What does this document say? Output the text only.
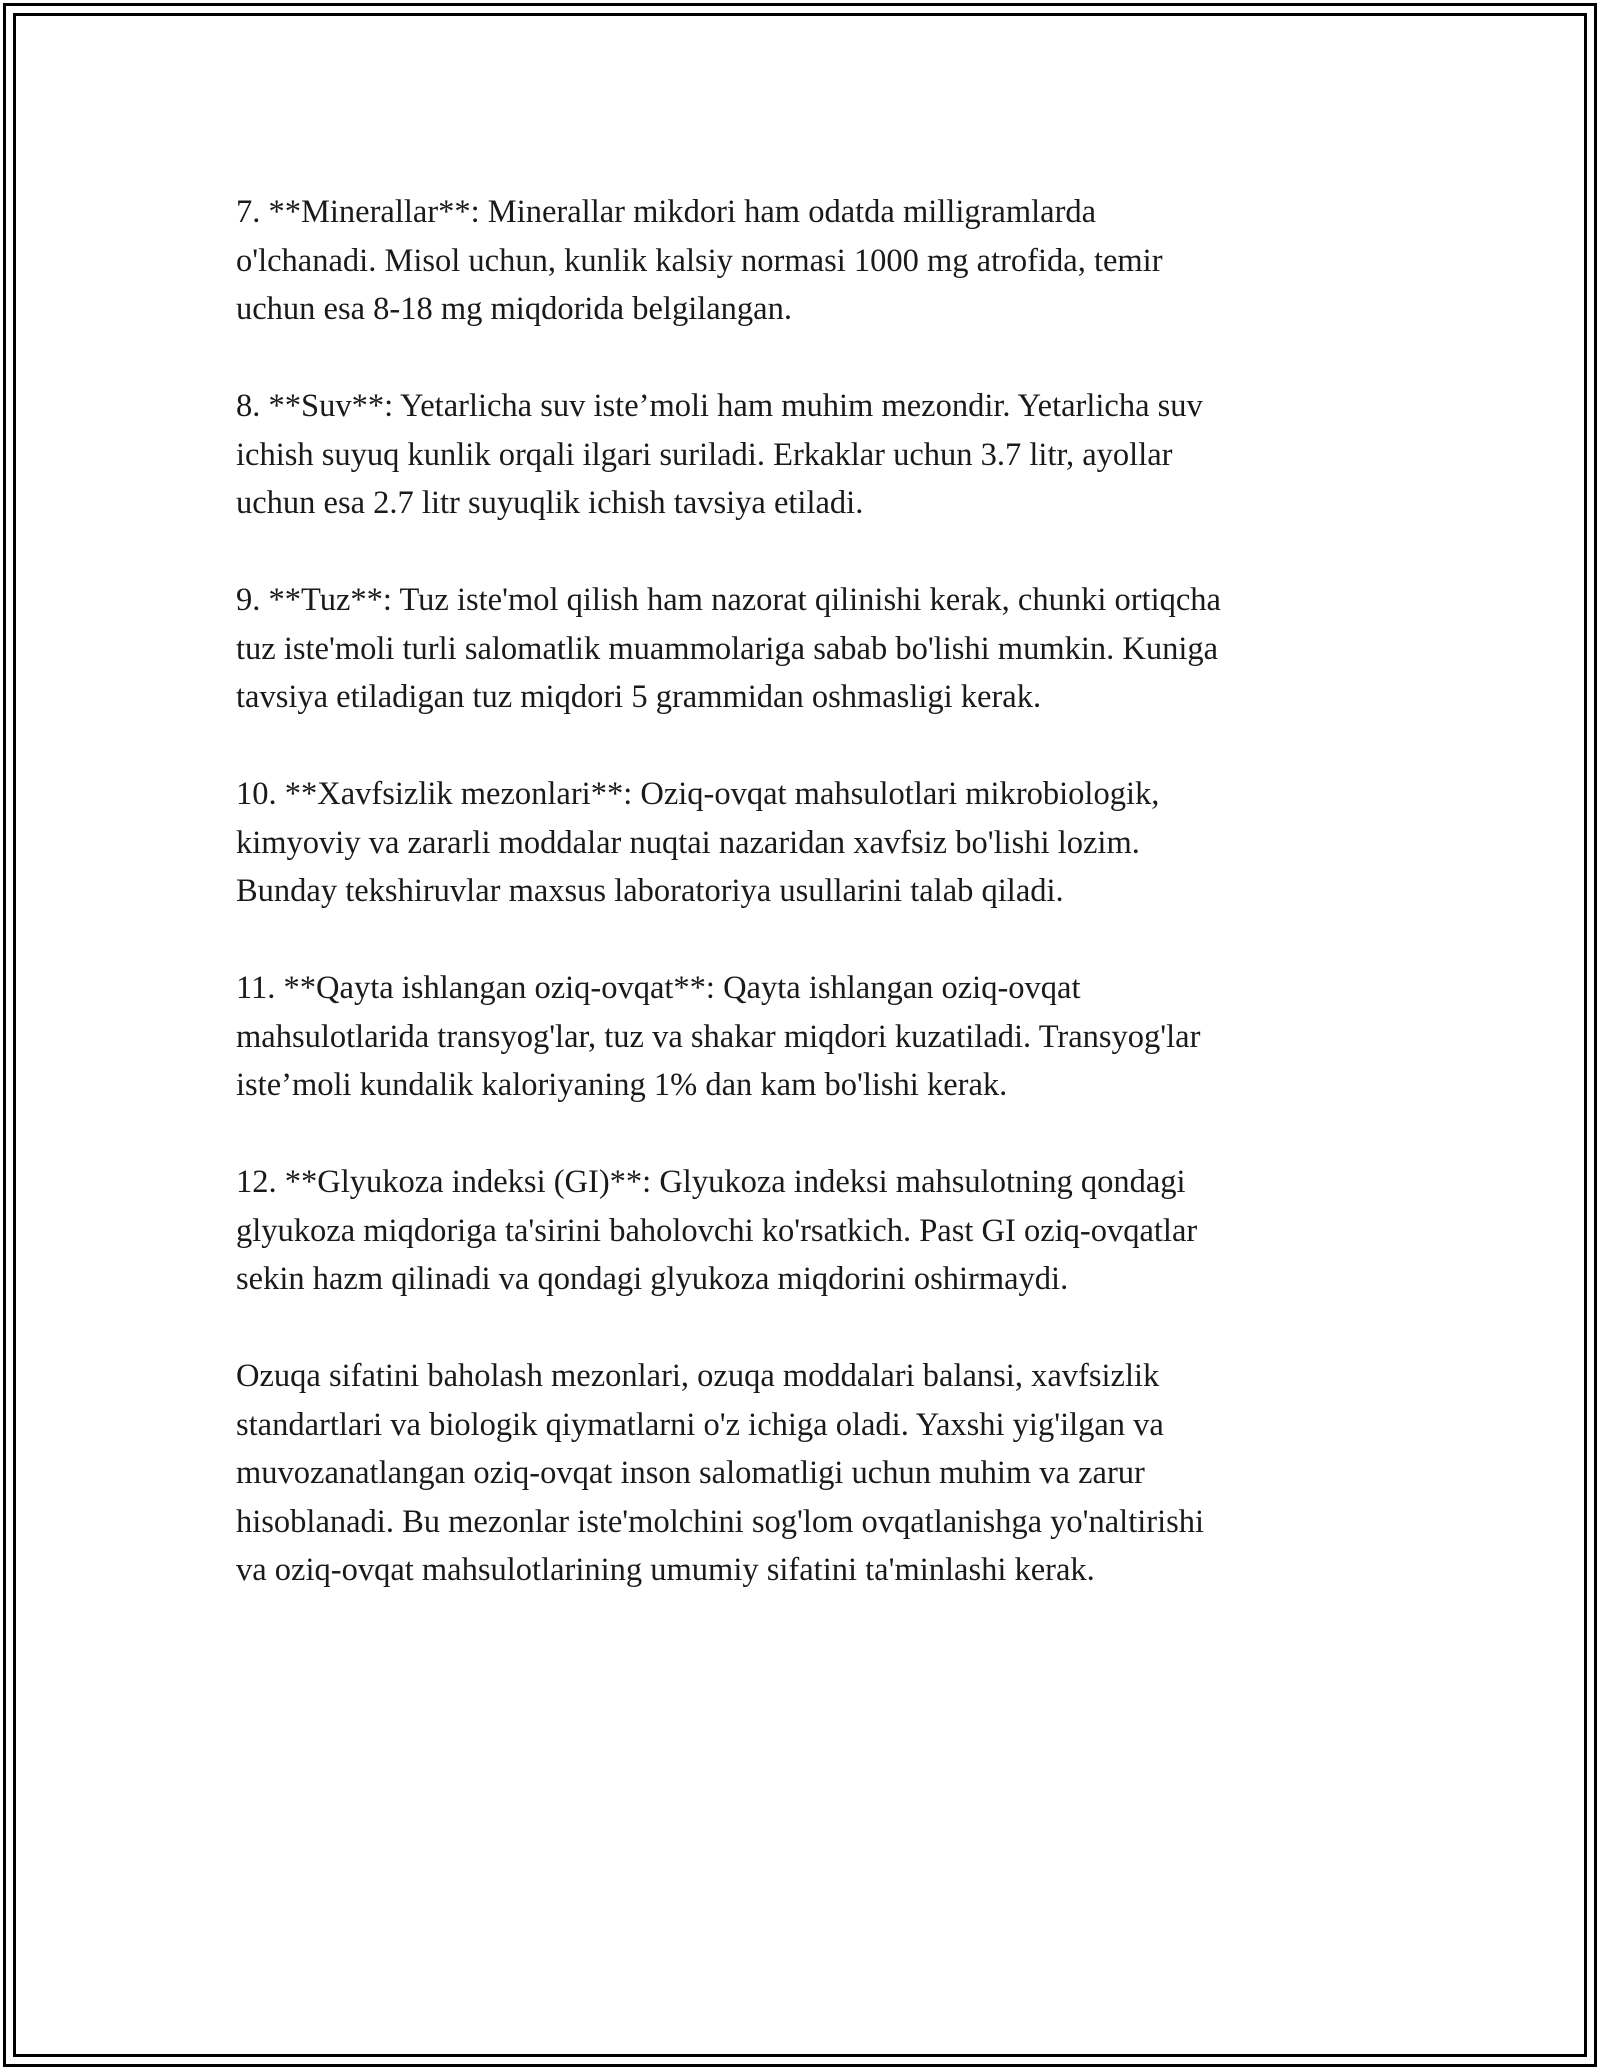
7. **Minerallar**: Minerallar mikdori ham odatda milligramlarda
o'lchanadi. Misol uchun, kunlik kalsiy normasi 1000 mg atrofida, temir
uchun esa 8-18 mg miqdorida belgilangan.

8. **Suv**: Yetarlicha suv iste’moli ham muhim mezondir. Yetarlicha suv
ichish suyuq kunlik orqali ilgari suriladi. Erkaklar uchun 3.7 litr, ayollar
uchun esa 2.7 litr suyuqlik ichish tavsiya etiladi.

9. **Tuz**: Tuz iste'mol qilish ham nazorat qilinishi kerak, chunki ortiqcha
tuz iste'moli turli salomatlik muammolariga sabab bo'lishi mumkin. Kuniga
tavsiya etiladigan tuz miqdori 5 grammidan oshmasligi kerak.

10. **Xavfsizlik mezonlari**: Oziq-ovqat mahsulotlari mikrobiologik,
kimyoviy va zararli moddalar nuqtai nazaridan xavfsiz bo'lishi lozim.
Bunday tekshiruvlar maxsus laboratoriya usullarini talab qiladi.

11. **Qayta ishlangan oziq-ovqat**: Qayta ishlangan oziq-ovqat
mahsulotlarida transyog'lar, tuz va shakar miqdori kuzatiladi. Transyog'lar
iste’moli kundalik kaloriyaning 1% dan kam bo'lishi kerak.

12. **Glyukoza indeksi (GI)**: Glyukoza indeksi mahsulotning qondagi
glyukoza miqdoriga ta'sirini baholovchi ko'rsatkich. Past GI oziq-ovqatlar
sekin hazm qilinadi va qondagi glyukoza miqdorini oshirmaydi.

Ozuqa sifatini baholash mezonlari, ozuqa moddalari balansi, xavfsizlik
standartlari va biologik qiymatlarni o'z ichiga oladi. Yaxshi yig'ilgan va
muvozanatlangan oziq-ovqat inson salomatligi uchun muhim va zarur
hisoblanadi. Bu mezonlar iste'molchini sog'lom ovqatlanishga yo'naltirishi
va oziq-ovqat mahsulotlarining umumiy sifatini ta'minlashi kerak.
